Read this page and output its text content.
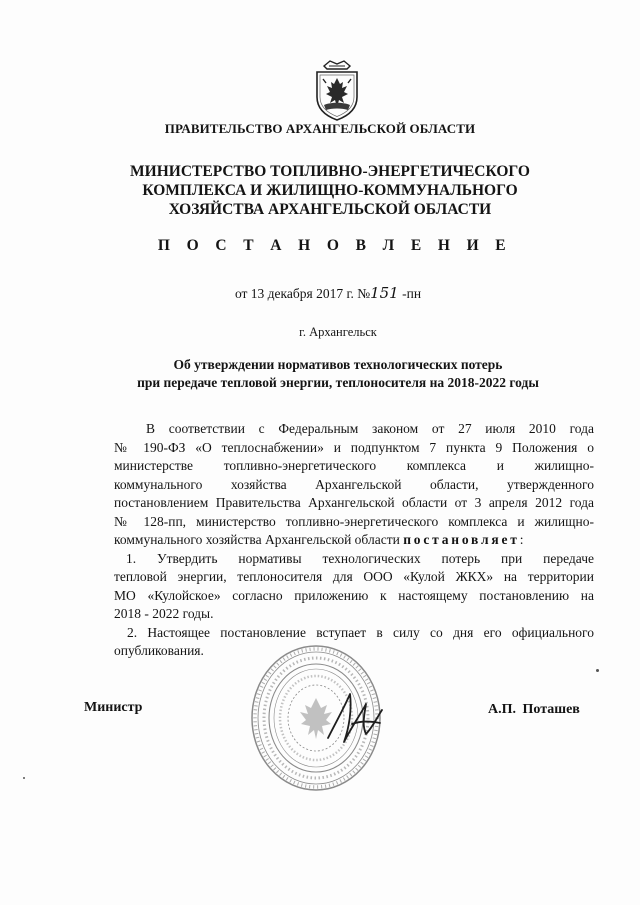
ПРАВИТЕЛЬСТВО АРХАНГЕЛЬСКОЙ ОБЛАСТИ
МИНИСТЕРСТВО ТОПЛИВНО-ЭНЕРГЕТИЧЕСКОГО
КОМПЛЕКСА И ЖИЛИЩНО-КОММУНАЛЬНОГО
ХОЗЯЙСТВА АРХАНГЕЛЬСКОЙ ОБЛАСТИ
П О С Т А Н О В Л Е Н И Е
от 13 декабря 2017 г. №151 -пн
г. Архангельск
Об утверждении нормативов технологических потерь
при передаче тепловой энергии, теплоносителя на 2018-2022 годы
В соответствии с Федеральным законом от 27 июля 2010 года
№ 190-ФЗ «О теплоснабжении» и подпунктом 7 пункта 9 Положения о
министерстве топливно-энергетического комплекса и жилищно-
коммунального хозяйства Архангельской области, утвержденного
постановлением Правительства Архангельской области от 3 апреля 2012 года
№ 128-пп, министерство топливно-энергетического комплекса и жилищно-
коммунального хозяйства Архангельской области постановляет:
1. Утвердить нормативы технологических потерь при передаче
тепловой энергии, теплоносителя для ООО «Кулой ЖКХ» на территории
МО «Кулойское» согласно приложению к настоящему постановлению на
2018 - 2022 годы.
2. Настоящее постановление вступает в силу со дня его официального
опубликования.
Министр	А.П. Поташев
